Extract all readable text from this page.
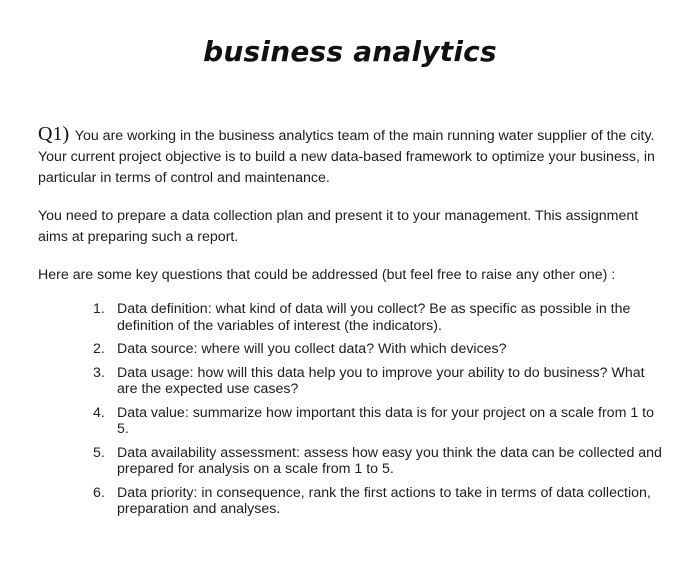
business analytics

Q1) You are working in the business analytics team of the main running water supplier of the city. Your current project objective is to build a new data-based framework to optimize your business, in particular in terms of control and maintenance.

You need to prepare a data collection plan and present it to your management. This assignment aims at preparing such a report.

Here are some key questions that could be addressed (but feel free to raise any other one) :

1. Data definition: what kind of data will you collect? Be as specific as possible in the definition of the variables of interest (the indicators).
2. Data source: where will you collect data? With which devices?
3. Data usage: how will this data help you to improve your ability to do business? What are the expected use cases?
4. Data value: summarize how important this data is for your project on a scale from 1 to 5.
5. Data availability assessment: assess how easy you think the data can be collected and prepared for analysis on a scale from 1 to 5.
6. Data priority: in consequence, rank the first actions to take in terms of data collection, preparation and analyses.
